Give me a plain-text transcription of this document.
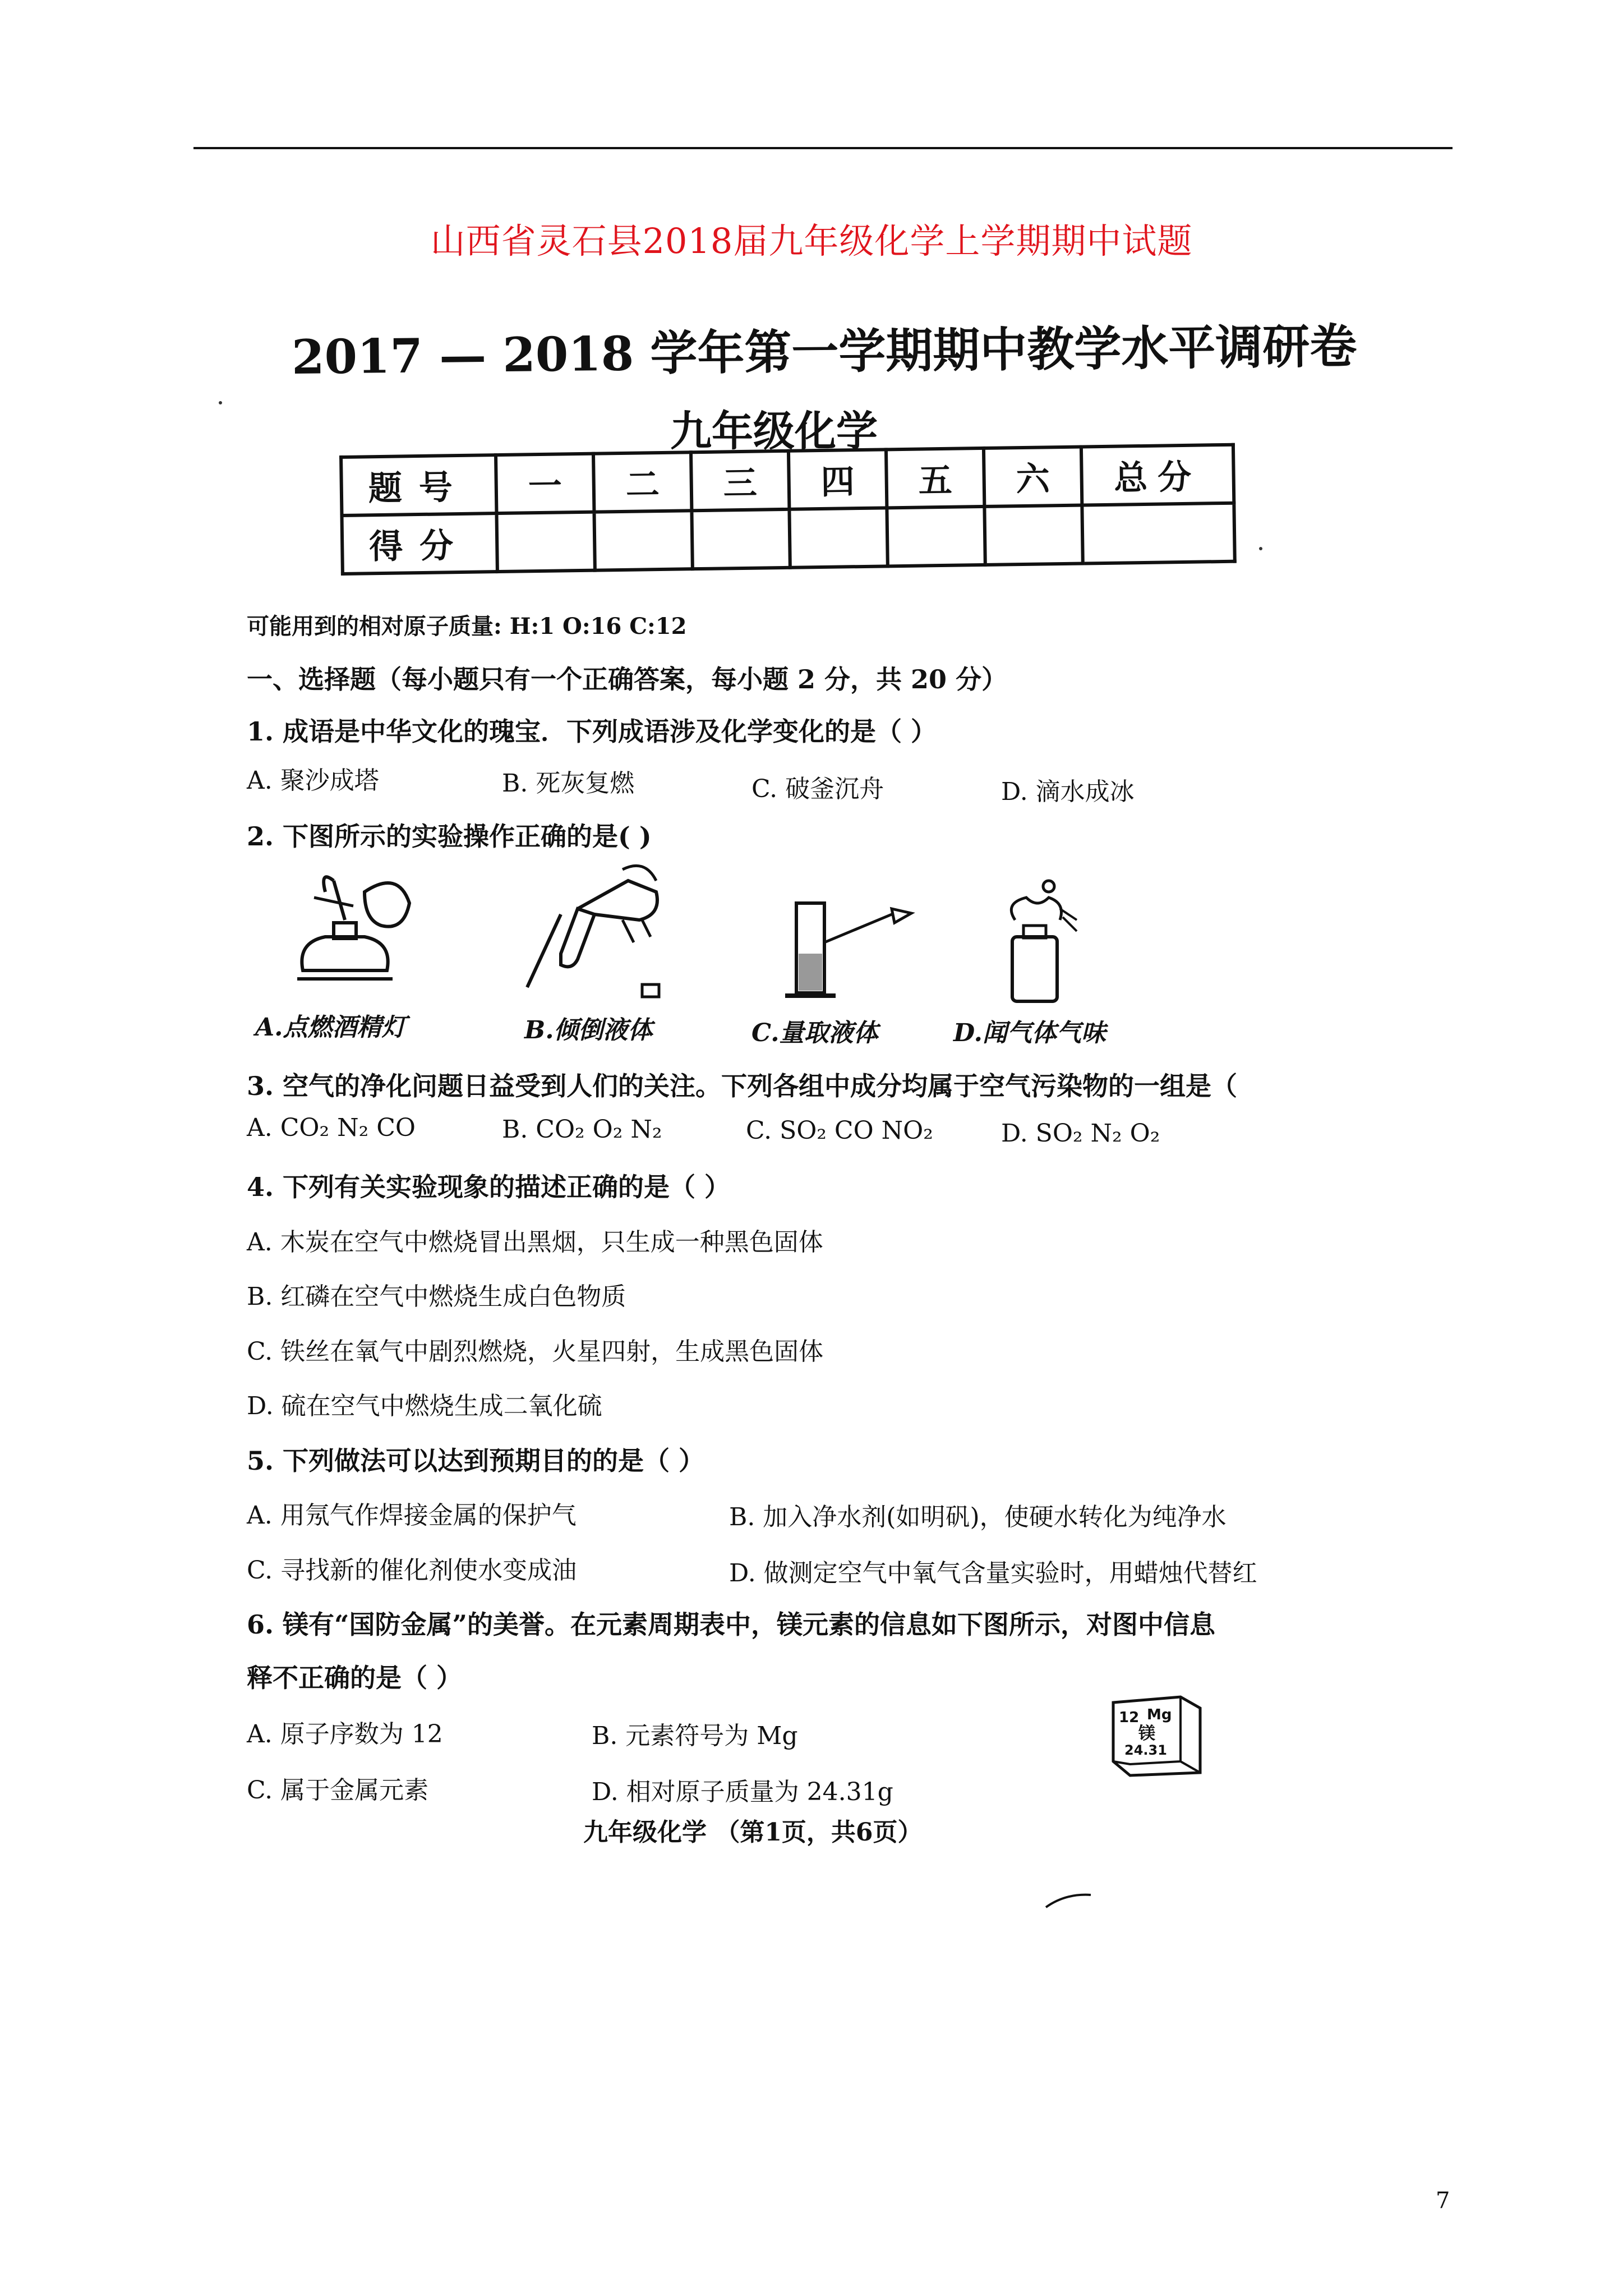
山西省灵石县2018届九年级化学上学期期中试题
2017 — 2018 学年第一学期期中教学水平调研卷
九年级化学
题号	一	二	三	四	五	六	总分
得分							
可能用到的相对原子质量: H:1 O:16 C:12
一、选择题（每小题只有一个正确答案，每小题 2 分，共 20 分）
1. 成语是中华文化的瑰宝．下列成语涉及化学变化的是（ ）
A. 聚沙成塔	B. 死灰复燃	C. 破釜沉舟	D. 滴水成冰
2. 下图所示的实验操作正确的是( )
A.点燃酒精灯	B.倾倒液体	C.量取液体	D.闻气体气味
3. 空气的净化问题日益受到人们的关注。下列各组中成分均属于空气污染物的一组是（
A. CO₂ N₂ CO	B. CO₂ O₂ N₂	C. SO₂ CO NO₂	D. SO₂ N₂ O₂
4. 下列有关实验现象的描述正确的是（ ）
A. 木炭在空气中燃烧冒出黑烟，只生成一种黑色固体
B. 红磷在空气中燃烧生成白色物质
C. 铁丝在氧气中剧烈燃烧，火星四射，生成黑色固体
D. 硫在空气中燃烧生成二氧化硫
5. 下列做法可以达到预期目的的是（ ）
A. 用氖气作焊接金属的保护气	B. 加入净水剂(如明矾)，使硬水转化为纯净水
C. 寻找新的催化剂使水变成油	D. 做测定空气中氧气含量实验时，用蜡烛代替红
6. 镁有“国防金属”的美誉。在元素周期表中，镁元素的信息如下图所示，对图中信息
释不正确的是（ ）
A. 原子序数为 12	B. 元素符号为 Mg
C. 属于金属元素	D. 相对原子质量为 24.31g
12 Mg
镁
24.31
九年级化学 （第1页，共6页）
7
